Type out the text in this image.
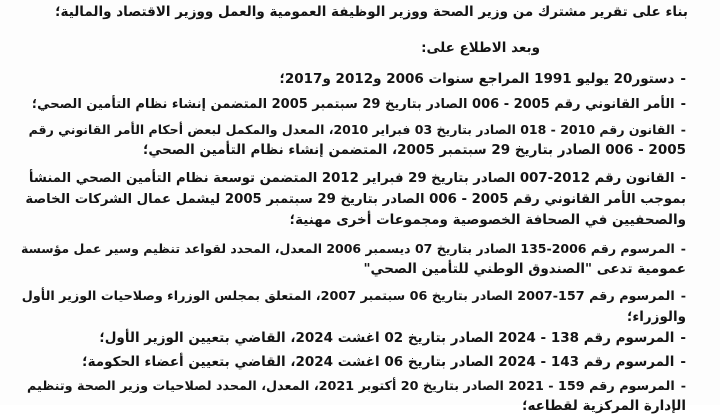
بناء على تقرير مشترك من وزير الصحة ووزير الوظيفة العمومية والعمل ووزير الاقتصاد والمالية؛
وبعد الاطلاع على:
-دستور20 يوليو 1991 المراجع سنوات 2006 و2012 و2017؛
-الأمر القانوني رقم 2005 - 006 الصادر بتاريخ 29 سبتمبر 2005 المتضمن إنشاء نظام التأمين الصحي؛
-القانون رقم 2010 - 018 الصادر بتاريخ 03 فبراير 2010، المعدل والمكمل لبعض أحكام الأمر القانوني رقم
2005 - 006 الصادر بتاريخ 29 سبتمبر 2005، المتضمن إنشاء نظام التأمين الصحي؛
-القانون رقم 2012-007 الصادر بتاريخ 29 فبراير 2012 المتضمن توسعة نظام التأمين الصحي المنشأ
بموجب الأمر القانوني رقم 2005 - 006 الصادر بتاريخ 29 سبتمبر 2005 ليشمل عمال الشركات الخاصة
والصحفيين في الصحافة الخصوصية ومجموعات أخرى مهنية؛
-المرسوم رقم 2006-135 الصادر بتاريخ 07 ديسمبر 2006 المعدل، المحدد لقواعد تنظيم وسير عمل مؤسسة
عمومية تدعى "الصندوق الوطني للتأمين الصحي"
-المرسوم رقم 157-2007 الصادر بتاريخ 06 سبتمبر 2007، المتعلق بمجلس الوزراء وصلاحيات الوزير الأول
والوزراء؛
-المرسوم رقم 138 - 2024 الصادر بتاريخ 02 اغشت 2024، القاضي بتعيين الوزير الأول؛
-المرسوم رقم 143 - 2024 الصادر بتاريخ 06 اغشت 2024، القاضي بتعيين أعضاء الحكومة؛
-المرسوم رقم 159 - 2021 الصادر بتاريخ 20 أكتوبر 2021، المعدل، المحدد لصلاحيات وزير الصحة وتنظيم
الإدارة المركزية لقطاعه؛
